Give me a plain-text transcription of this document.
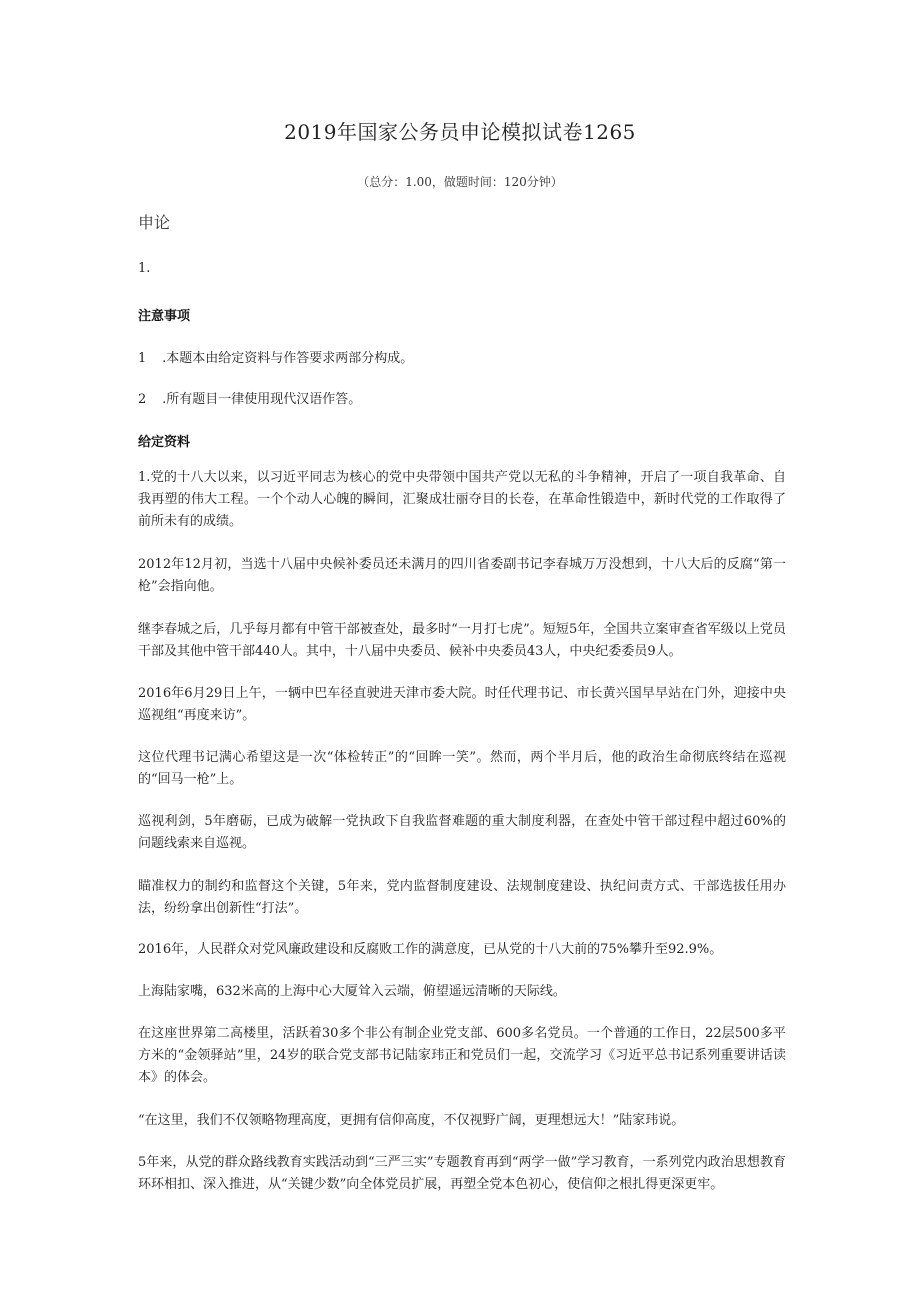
2019年国家公务员申论模拟试卷1265
（总分：1.00，做题时间：120分钟）
申论
1.
注意事项
1 .本题本由给定资料与作答要求两部分构成。
2 .所有题目一律使用现代汉语作答。
给定资料

1.党的十八大以来，以习近平同志为核心的党中央带领中国共产党以无私的斗争精神，开启了一项自我革命、自我再塑的伟大工程。一个个动人心魄的瞬间，汇聚成壮丽夺目的长卷，在革命性锻造中，新时代党的工作取得了前所未有的成绩。

2012年12月初，当选十八届中央候补委员还未满月的四川省委副书记李春城万万没想到，十八大后的反腐“第一枪”会指向他。

继李春城之后，几乎每月都有中管干部被查处，最多时“一月打七虎”。短短5年，全国共立案审查省军级以上党员干部及其他中管干部440人。其中，十八届中央委员、候补中央委员43人，中央纪委委员9人。

2016年6月29日上午，一辆中巴车径直驶进天津市委大院。时任代理书记、市长黄兴国早早站在门外，迎接中央巡视组“再度来访”。

这位代理书记满心希望这是一次“体检转正”的“回眸一笑”。然而，两个半月后，他的政治生命彻底终结在巡视的“回马一枪”上。

巡视利剑，5年磨砺，已成为破解一党执政下自我监督难题的重大制度利器，在查处中管干部过程中超过60%的问题线索来自巡视。

瞄准权力的制约和监督这个关键，5年来，党内监督制度建设、法规制度建设、执纪问责方式、干部选拔任用办法，纷纷拿出创新性“打法”。

2016年，人民群众对党风廉政建设和反腐败工作的满意度，已从党的十八大前的75%攀升至92.9%。

上海陆家嘴，632米高的上海中心大厦耸入云端，俯望遥远清晰的天际线。

在这座世界第二高楼里，活跃着30多个非公有制企业党支部、600多名党员。一个普通的工作日，22层500多平方米的“金领驿站”里，24岁的联合党支部书记陆家玮正和党员们一起，交流学习《习近平总书记系列重要讲话读本》的体会。

“在这里，我们不仅领略物理高度，更拥有信仰高度，不仅视野广阔，更理想远大！”陆家玮说。

5年来，从党的群众路线教育实践活动到“三严三实”专题教育再到“两学一做”学习教育，一系列党内政治思想教育环环相扣、深入推进，从“关键少数”向全体党员扩展，再塑全党本色初心，使信仰之根扎得更深更牢。
